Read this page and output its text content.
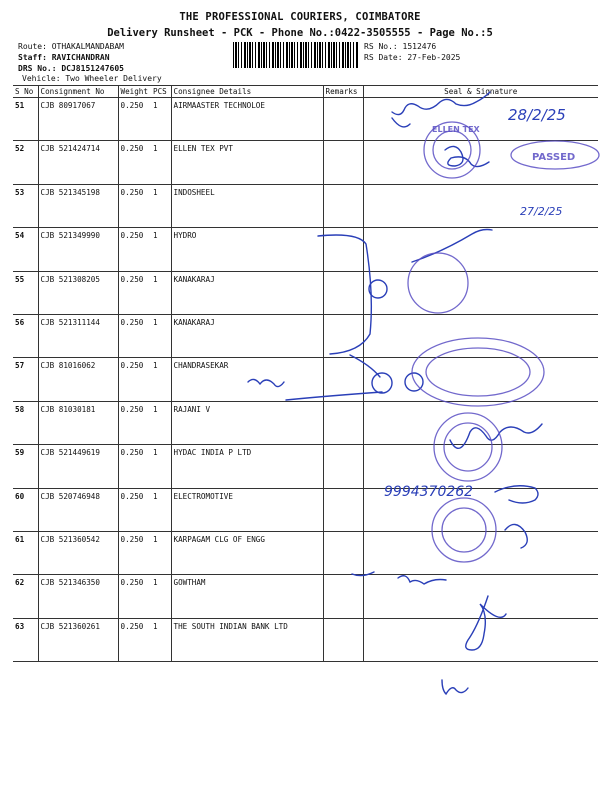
THE PROFESSIONAL COURIERS, COIMBATORE
Delivery Runsheet - PCK - Phone No.:0422-3505555 - Page No.:5
Route: OTHAKALMANDABAM
Staff: RAVICHANDRAN
DRS No.: DCJ8151247605
Vehicle: Two Wheeler Delivery
RS No.: 1512476
RS Date: 27-Feb-2025
S No	Consignment No	Weight	PCS	Consignee Details	Remarks	Seal & Signature
51	CJB 80917067	0.250	1	AIRMAASTER TECHNOLOE		
52	CJB 521424714	0.250	1	ELLEN TEX PVT		
53	CJB 521345198	0.250	1	INDOSHEEL		
54	CJB 521349990	0.250	1	HYDRO		
55	CJB 521308205	0.250	1	KANAKARAJ		
56	CJB 521311144	0.250	1	KANAKARAJ		
57	CJB 81016062	0.250	1	CHANDRASEKAR		
58	CJB 81030181	0.250	1	RAJANI V		
59	CJB 521449619	0.250	1	HYDAC INDIA P LTD		
60	CJB 520746948	0.250	1	ELECTROMOTIVE		
61	CJB 521360542	0.250	1	KARPAGAM CLG OF ENGG		
62	CJB 521346350	0.250	1	GOWTHAM		
63	CJB 521360261	0.250	1	THE SOUTH INDIAN BANK LTD		
28/2/25
27/2/25
9994370262
ELLEN TEX
PASSED
